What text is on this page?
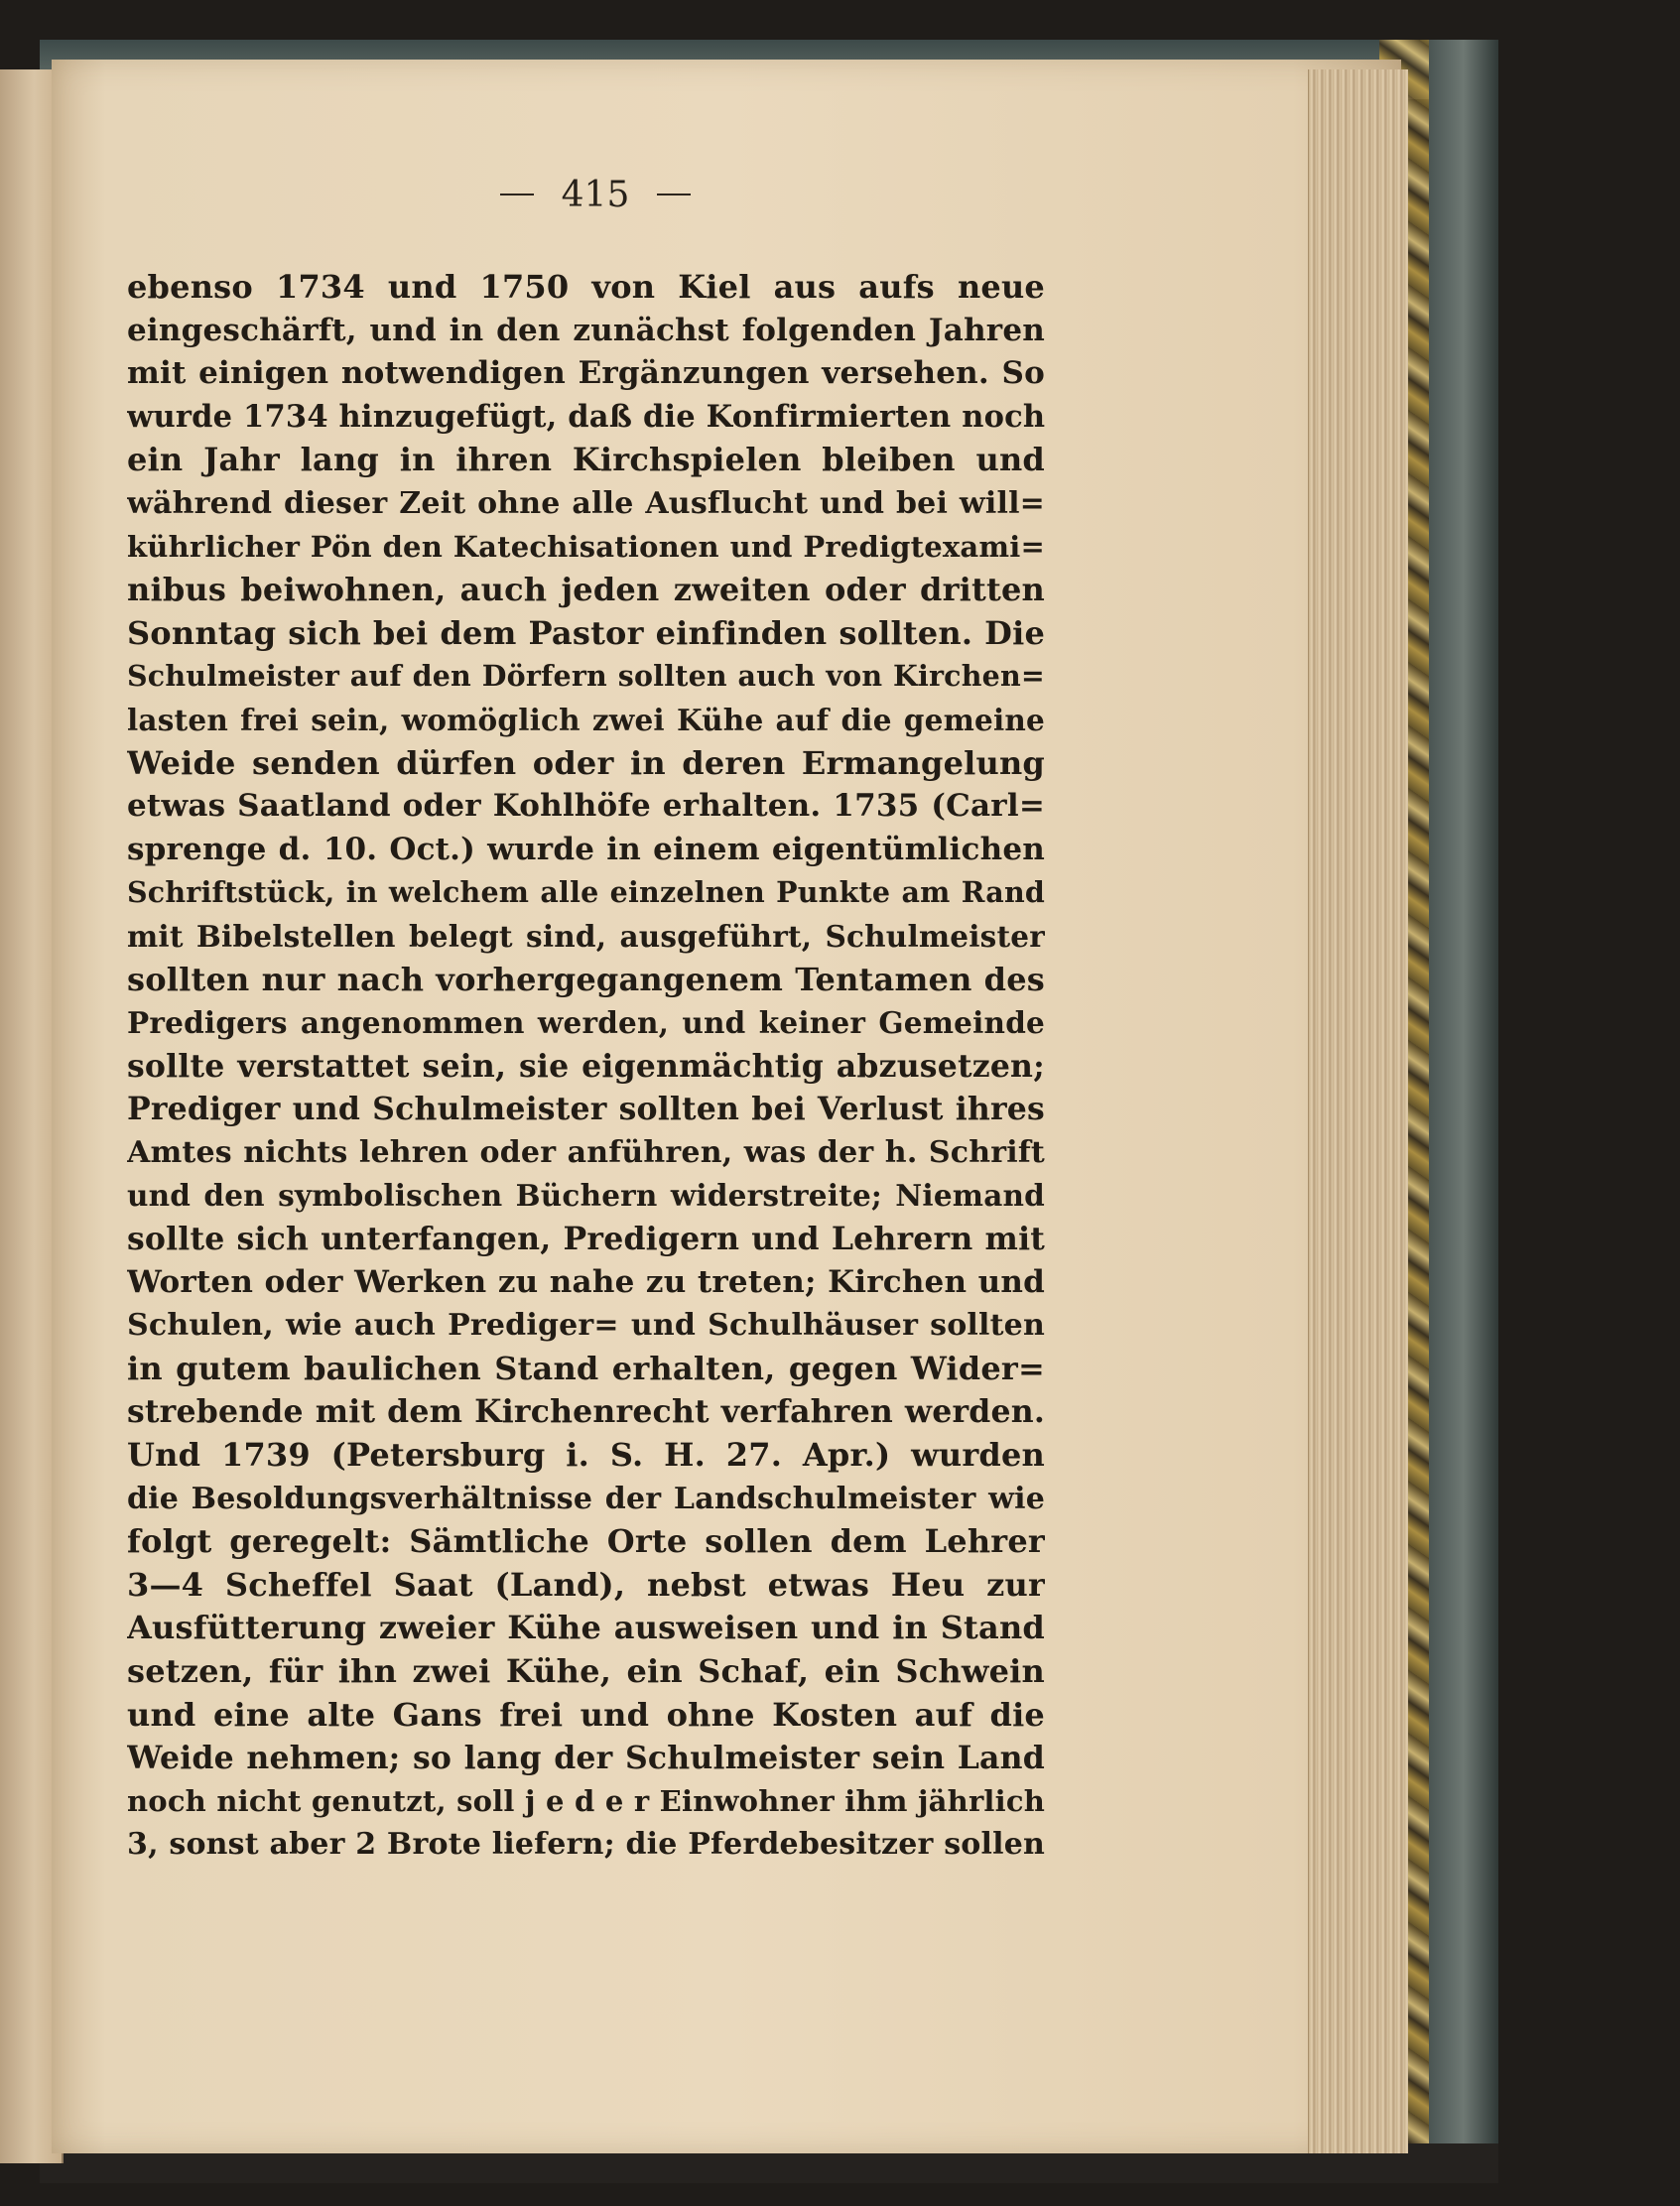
415
ebenso 1734 und 1750 von Kiel aus aufs neue
eingeschärft, und in den zunächst folgenden Jahren
mit einigen notwendigen Ergänzungen versehen. So
wurde 1734 hinzugefügt, daß die Konfirmierten noch
ein Jahr lang in ihren Kirchspielen bleiben und
während dieser Zeit ohne alle Ausflucht und bei will=
kührlicher Pön den Katechisationen und Predigtexami=
nibus beiwohnen, auch jeden zweiten oder dritten
Sonntag sich bei dem Pastor einfinden sollten. Die
Schulmeister auf den Dörfern sollten auch von Kirchen=
lasten frei sein, womöglich zwei Kühe auf die gemeine
Weide senden dürfen oder in deren Ermangelung
etwas Saatland oder Kohlhöfe erhalten. 1735 (Carl=
sprenge d. 10. Oct.) wurde in einem eigentümlichen
Schriftstück, in welchem alle einzelnen Punkte am Rand
mit Bibelstellen belegt sind, ausgeführt, Schulmeister
sollten nur nach vorhergegangenem Tentamen des
Predigers angenommen werden, und keiner Gemeinde
sollte verstattet sein, sie eigenmächtig abzusetzen;
Prediger und Schulmeister sollten bei Verlust ihres
Amtes nichts lehren oder anführen, was der h. Schrift
und den symbolischen Büchern widerstreite; Niemand
sollte sich unterfangen, Predigern und Lehrern mit
Worten oder Werken zu nahe zu treten; Kirchen und
Schulen, wie auch Prediger= und Schulhäuser sollten
in gutem baulichen Stand erhalten, gegen Wider=
strebende mit dem Kirchenrecht verfahren werden.
Und 1739 (Petersburg i. S. H. 27. Apr.) wurden
die Besoldungsverhältnisse der Landschulmeister wie
folgt geregelt: Sämtliche Orte sollen dem Lehrer
3—4 Scheffel Saat (Land), nebst etwas Heu zur
Ausfütterung zweier Kühe ausweisen und in Stand
setzen, für ihn zwei Kühe, ein Schaf, ein Schwein
und eine alte Gans frei und ohne Kosten auf die
Weide nehmen; so lang der Schulmeister sein Land
noch nicht genutzt, soll j e d e r Einwohner ihm jährlich
3, sonst aber 2 Brote liefern; die Pferdebesitzer sollen
